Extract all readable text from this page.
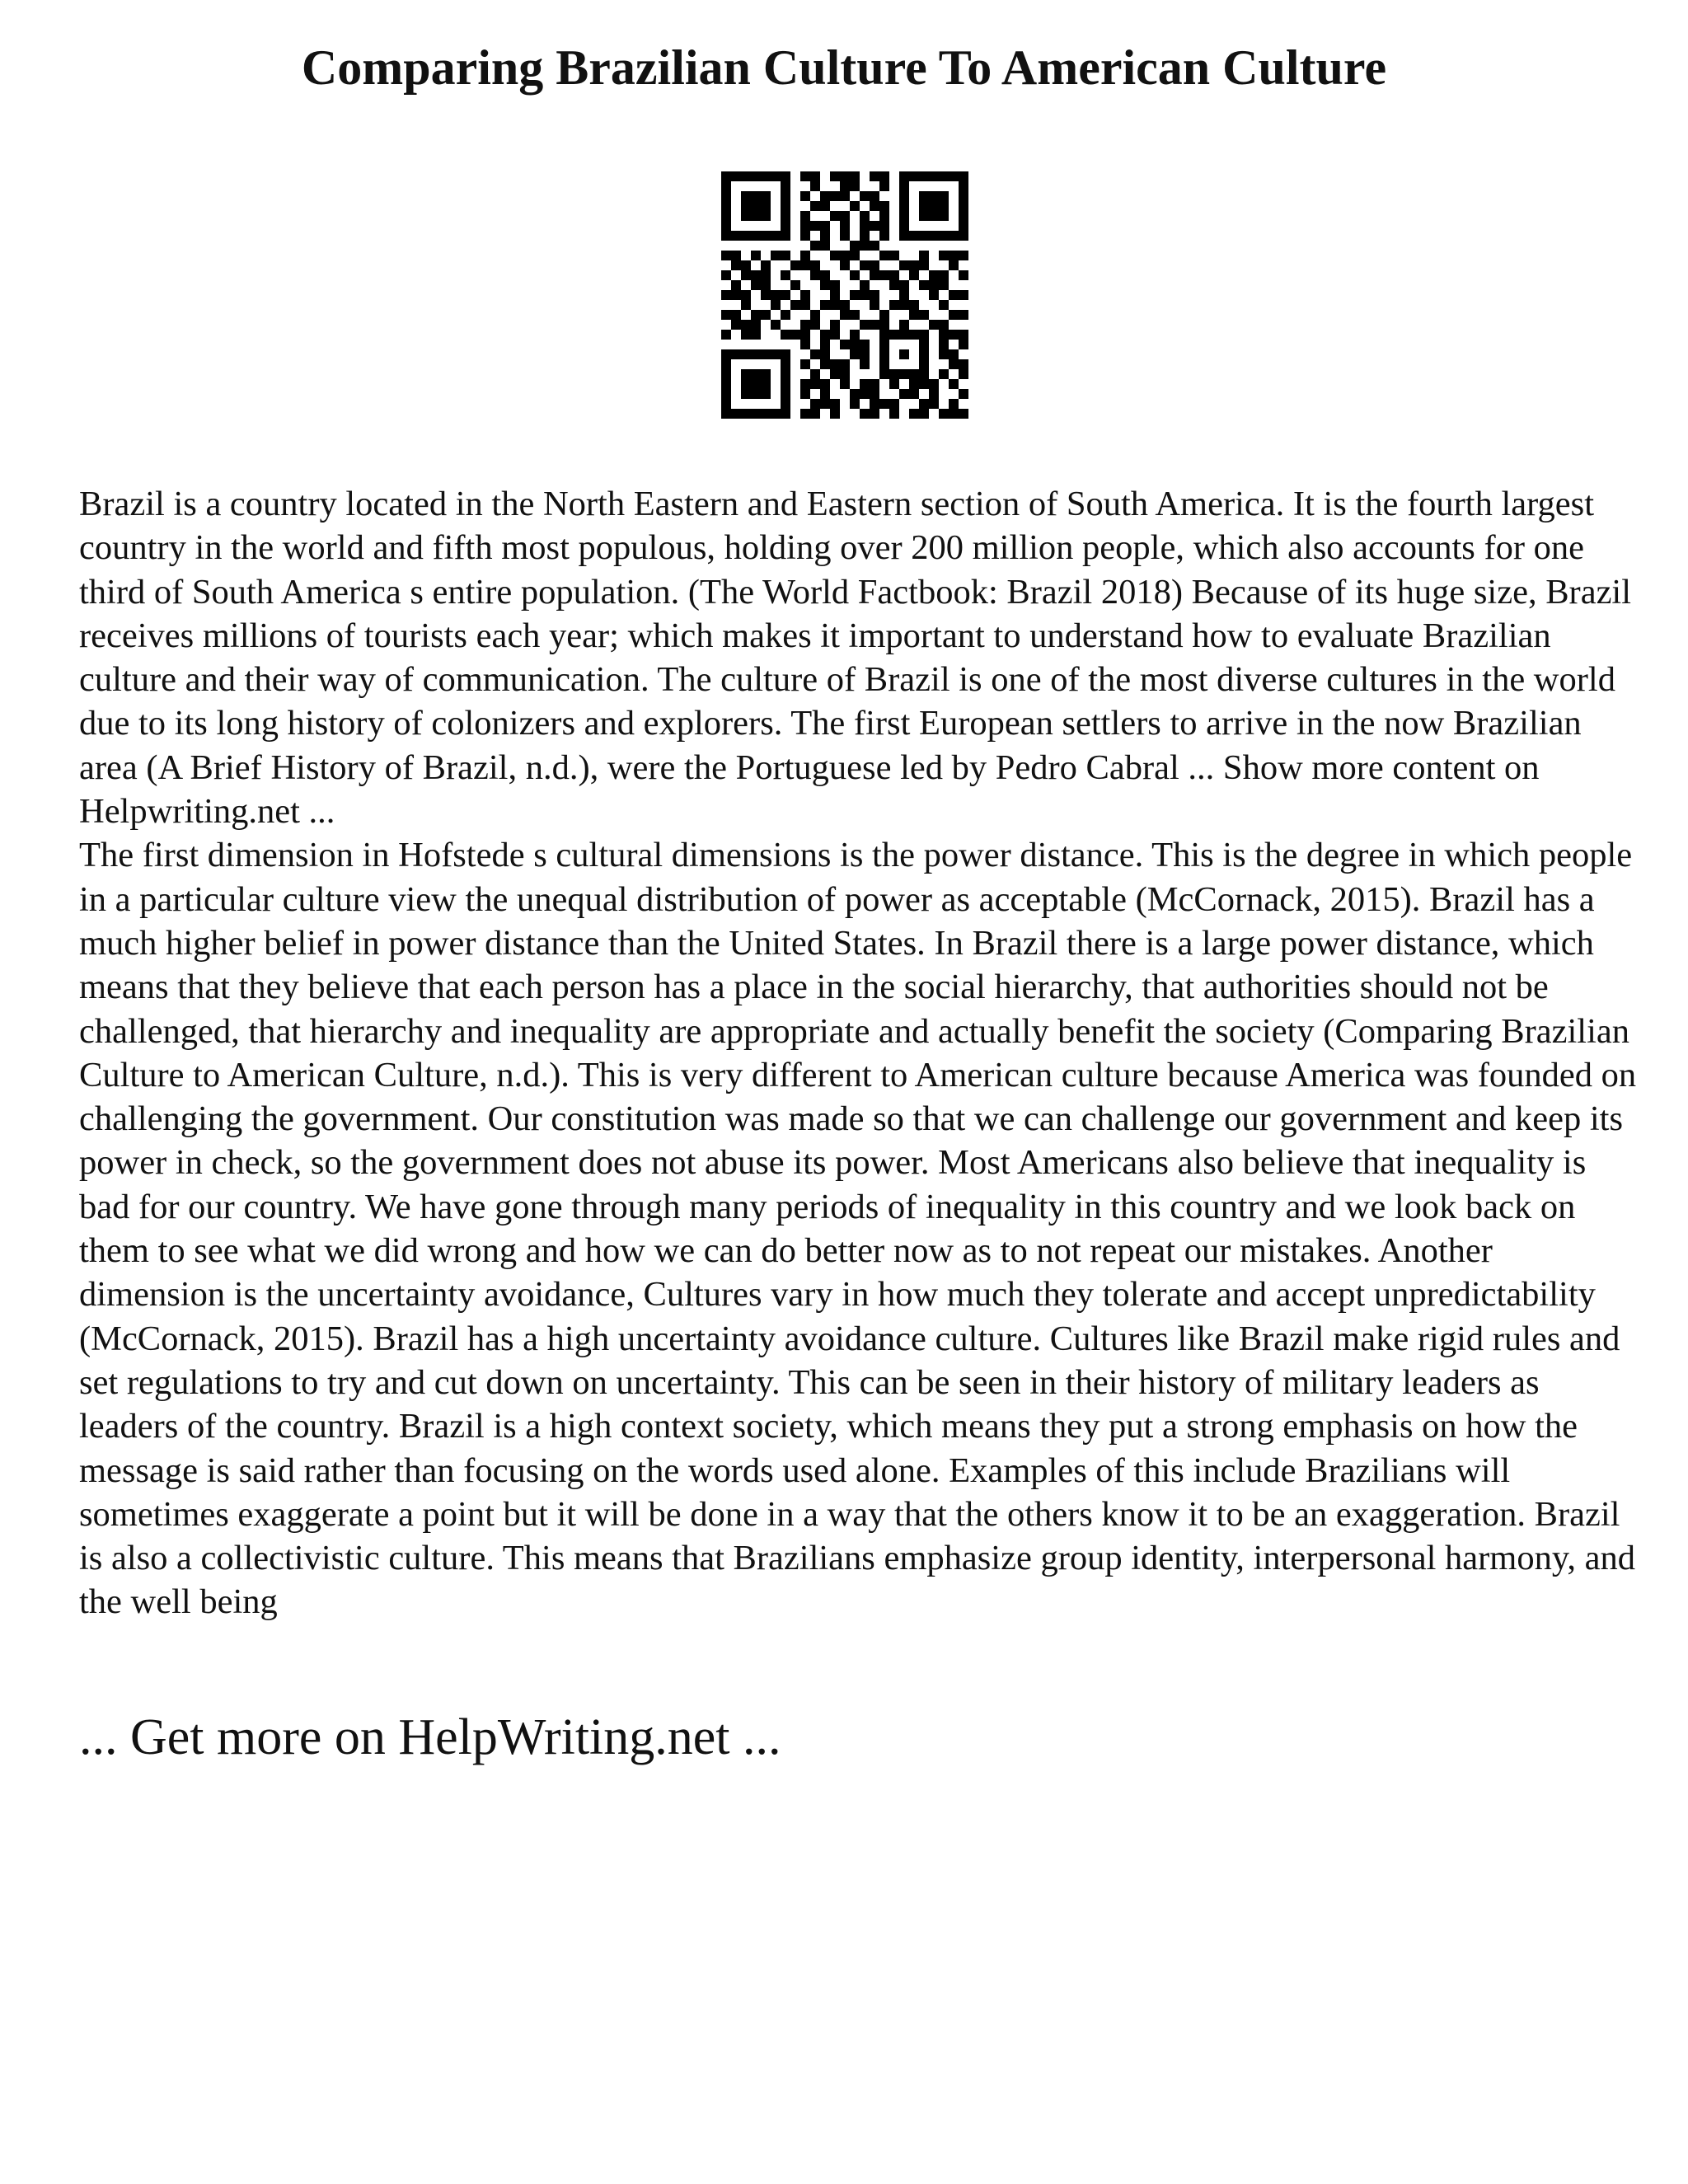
Comparing Brazilian Culture To American Culture

Brazil is a country located in the North Eastern and Eastern section of South America. It is the fourth largest country in the world and fifth most populous, holding over 200 million people, which also accounts for one third of South America s entire population. (The World Factbook: Brazil 2018) Because of its huge size, Brazil receives millions of tourists each year; which makes it important to understand how to evaluate Brazilian culture and their way of communication. The culture of Brazil is one of the most diverse cultures in the world due to its long history of colonizers and explorers. The first European settlers to arrive in the now Brazilian area (A Brief History of Brazil, n.d.), were the Portuguese led by Pedro Cabral ... Show more content on Helpwriting.net ...

The first dimension in Hofstede s cultural dimensions is the power distance. This is the degree in which people in a particular culture view the unequal distribution of power as acceptable (McCornack, 2015). Brazil has a much higher belief in power distance than the United States. In Brazil there is a large power distance, which means that they believe that each person has a place in the social hierarchy, that authorities should not be challenged, that hierarchy and inequality are appropriate and actually benefit the society (Comparing Brazilian Culture to American Culture, n.d.). This is very different to American culture because America was founded on challenging the government. Our constitution was made so that we can challenge our government and keep its power in check, so the government does not abuse its power. Most Americans also believe that inequality is bad for our country. We have gone through many periods of inequality in this country and we look back on them to see what we did wrong and how we can do better now as to not repeat our mistakes. Another dimension is the uncertainty avoidance, Cultures vary in how much they tolerate and accept unpredictability (McCornack, 2015). Brazil has a high uncertainty avoidance culture. Cultures like Brazil make rigid rules and set regulations to try and cut down on uncertainty. This can be seen in their history of military leaders as leaders of the country. Brazil is a high context society, which means they put a strong emphasis on how the message is said rather than focusing on the words used alone. Examples of this include Brazilians will sometimes exaggerate a point but it will be done in a way that the others know it to be an exaggeration. Brazil is also a collectivistic culture. This means that Brazilians emphasize group identity, interpersonal harmony, and the well being

... Get more on HelpWriting.net ...
